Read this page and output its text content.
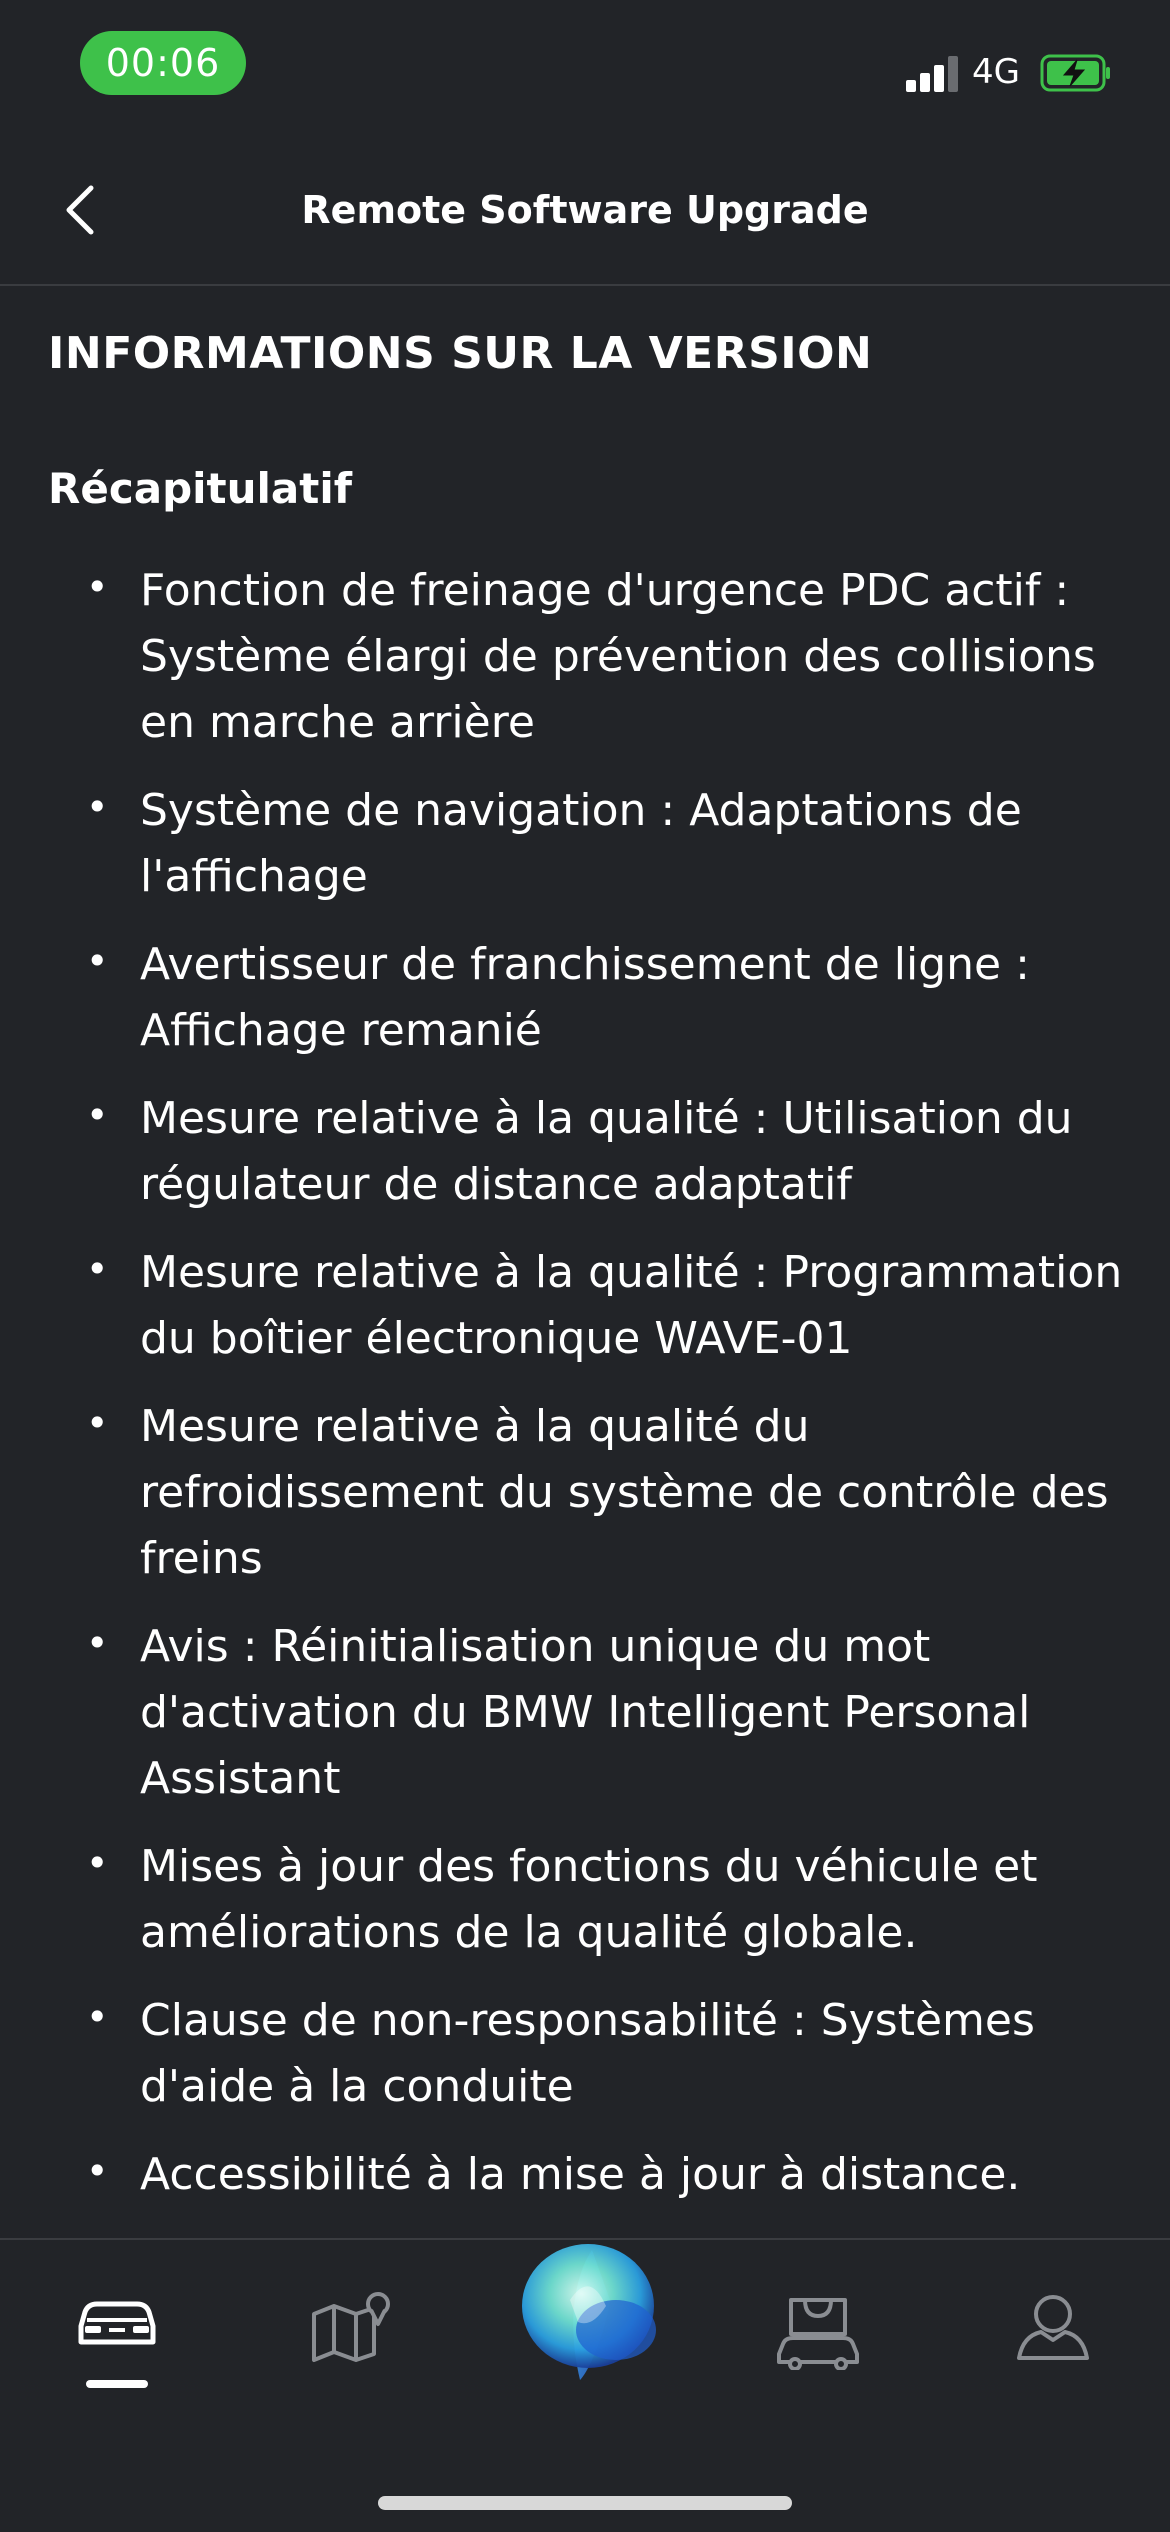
00:06	4G
Remote Software Upgrade
INFORMATIONS SUR LA VERSION
Récapitulatif
• Fonction de freinage d'urgence PDC actif : Système élargi de prévention des collisions en marche arrière
• Système de navigation : Adaptations de l'affichage
• Avertisseur de franchissement de ligne : Affichage remanié
• Mesure relative à la qualité : Utilisation du régulateur de distance adaptatif
• Mesure relative à la qualité : Programmation du boîtier électronique WAVE-01
• Mesure relative à la qualité du refroidissement du système de contrôle des freins
• Avis : Réinitialisation unique du mot d'activation du BMW Intelligent Personal Assistant
• Mises à jour des fonctions du véhicule et améliorations de la qualité globale.
• Clause de non-responsabilité : Systèmes d'aide à la conduite
• Accessibilité à la mise à jour à distance.
